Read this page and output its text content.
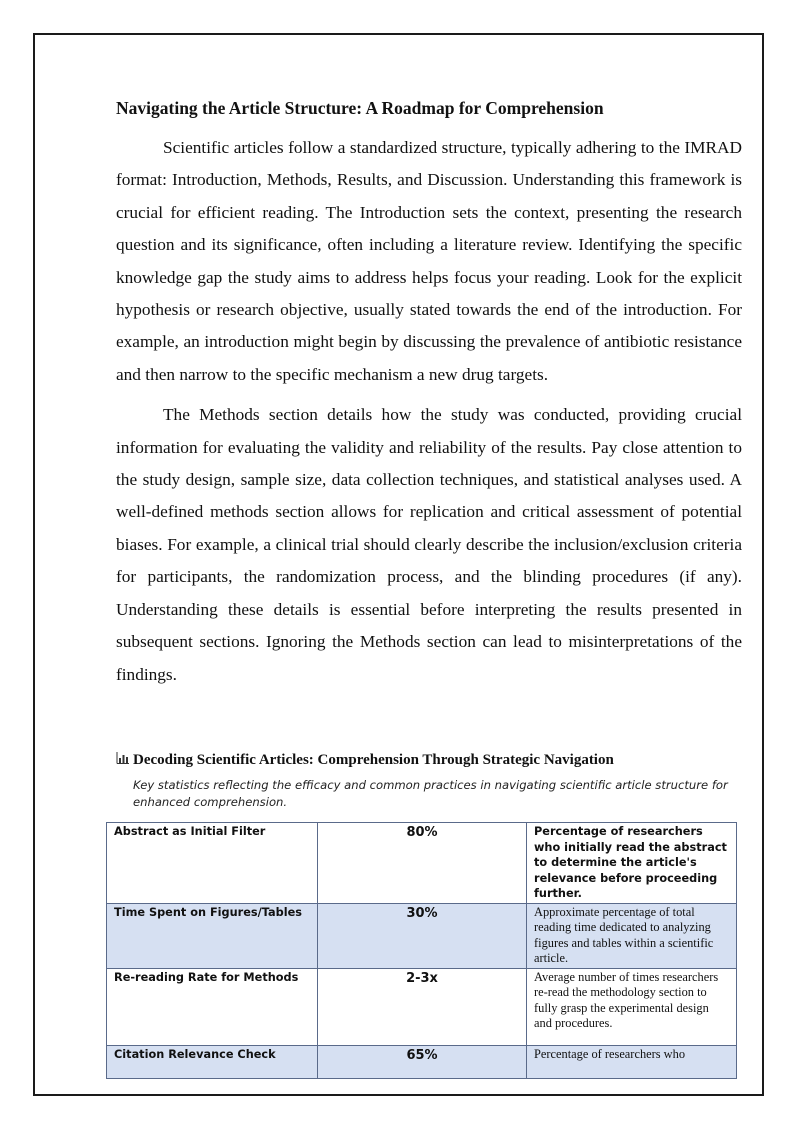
Navigating the Article Structure: A Roadmap for Comprehension

Scientific articles follow a standardized structure, typically adhering to the IMRAD format: Introduction, Methods, Results, and Discussion. Understanding this framework is crucial for efficient reading. The Introduction sets the context, presenting the research question and its significance, often including a literature review. Identifying the specific knowledge gap the study aims to address helps focus your reading. Look for the explicit hypothesis or research objective, usually stated towards the end of the introduction. For example, an introduction might begin by discussing the prevalence of antibiotic resistance and then narrow to the specific mechanism a new drug targets.

The Methods section details how the study was conducted, providing crucial information for evaluating the validity and reliability of the results. Pay close attention to the study design, sample size, data collection techniques, and statistical analyses used. A well-defined methods section allows for replication and critical assessment of potential biases. For example, a clinical trial should clearly describe the inclusion/exclusion criteria for participants, the randomization process, and the blinding procedures (if any). Understanding these details is essential before interpreting the results presented in subsequent sections. Ignoring the Methods section can lead to misinterpretations of the findings.

Decoding Scientific Articles: Comprehension Through Strategic Navigation
Key statistics reflecting the efficacy and common practices in navigating scientific article structure for enhanced comprehension.
Abstract as Initial Filter	80%	Percentage of researchers who initially read the abstract to determine the article's relevance before proceeding further.
Time Spent on Figures/Tables	30%	Approximate percentage of total reading time dedicated to analyzing figures and tables within a scientific article.
Re-reading Rate for Methods	2-3x	Average number of times researchers re-read the methodology section to fully grasp the experimental design and procedures.
Citation Relevance Check	65%	Percentage of researchers who
